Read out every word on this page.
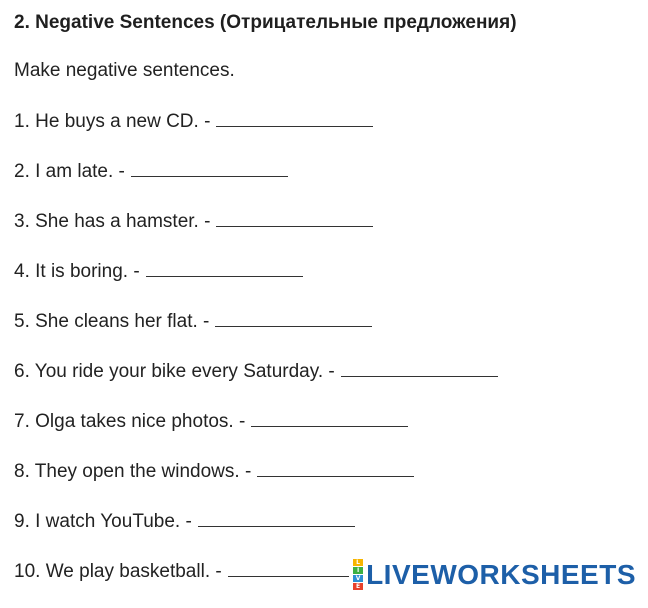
2. Negative Sentences (Отрицательные предложения)
Make negative sentences.
1. He buys a new CD. -
2. I am late. -
3. She has a hamster. -
4. It is boring. -
5. She cleans her flat. -
6. You ride your bike every Saturday. -
7. Olga takes nice photos. -
8. They open the windows. -
9. I watch YouTube. -
10. We play basketball. -	L
I
V
E LIVEWORKSHEETS
